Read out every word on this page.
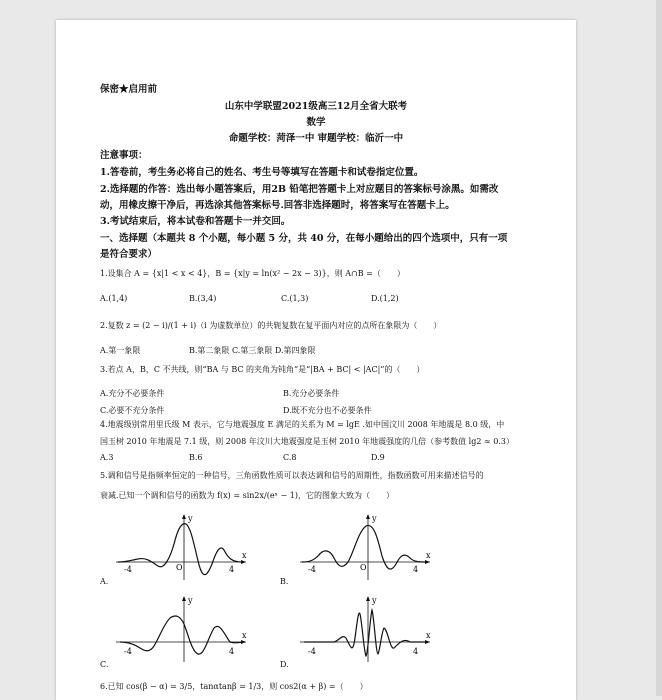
保密★启用前
山东中学联盟2021级高三12月全省大联考
数学
命题学校：菏泽一中 审题学校：临沂一中
注意事项：
1.答卷前，考生务必将自己的姓名、考生号等填写在答题卡和试卷指定位置。
2.选择题的作答：选出每小题答案后，用2B 铅笔把答题卡上对应题目的答案标号涂黑。如需改
动，用橡皮擦干净后，再选涂其他答案标号.回答非选择题时，将答案写在答题卡上。
3.考试结束后，将本试卷和答题卡一并交回。
一、选择题（本题共 8 个小题，每小题 5 分，共 40 分，在每小题给出的四个选项中，只有一项
是符合要求）
1.设集合 A = {x|1 < x < 4}，B = {x|y = ln(x² − 2x − 3)}，则 A∩B =（　　）
A.(1,4)	B.(3,4)	C.(1,3)	D.(1,2)
2.复数 z = (2 − i)/(1 + i)（i 为虚数单位）的共轭复数在复平面内对应的点所在象限为（　　）
A.第一象限	B.第二象限 C.第三象限 D.第四象限
3.若点 A，B，C 不共线，则“BA 与 BC 的夹角为钝角”是“|BA + BC| < |AC|”的（　　）
A.充分不必要条件	B.充分必要条件
C.必要不充分条件	D.既不充分也不必要条件
4.地震级别常用里氏级 M 表示，它与地震强度 E 满足的关系为 M = lgE .如中国汶川 2008 年地震是 8.0 级，中
国玉树 2010 年地震是 7.1 级，则 2008 年汶川大地震强度是玉树 2010 年地震强度的几倍（参考数值 lg2 ≈ 0.3）
A.3	B.6	C.8	D.9
5.调和信号是指频率恒定的一种信号，三角函数性质可以表达调和信号的周期性，指数函数可用来描述信号的
衰减.已知一个调和信号的函数为 f(x) = sin2x/(eˣ − 1)，它的图象大致为（　　）
-4	4
O
y
x
A.
-4	4
O
y
x
B.
-4	4
y
x
C.
-4	4
y
x
D.
6.已知 cos(β − α) = 3/5，tanαtanβ = 1/3，则 cos2(α + β) =（　　）
